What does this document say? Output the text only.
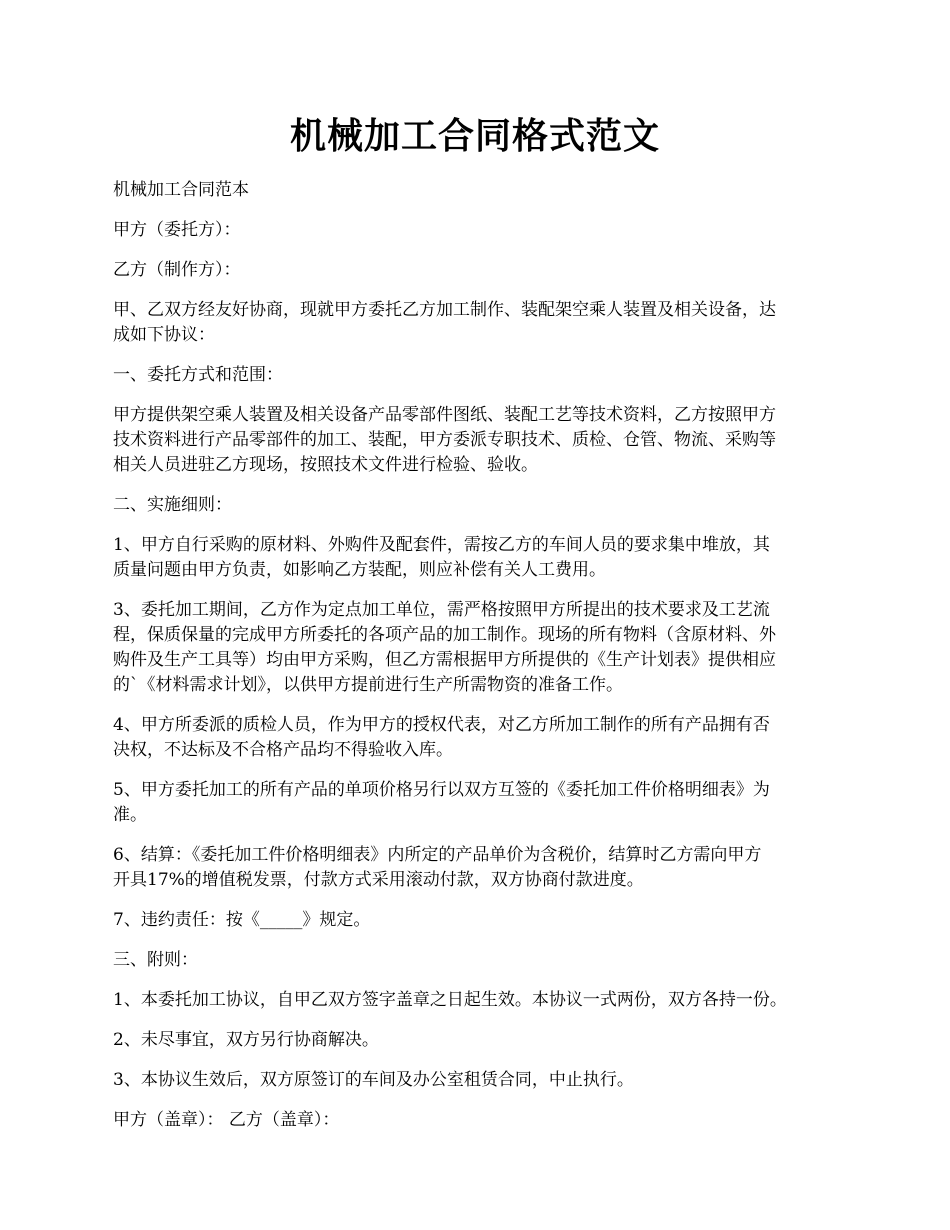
机械加工合同格式范文
机械加工合同范本
甲方（委托方）：
乙方（制作方）：
甲、乙双方经友好协商，现就甲方委托乙方加工制作、装配架空乘人装置及相关设备，达
成如下协议：
一、委托方式和范围：
甲方提供架空乘人装置及相关设备产品零部件图纸、装配工艺等技术资料，乙方按照甲方
技术资料进行产品零部件的加工、装配，甲方委派专职技术、质检、仓管、物流、采购等
相关人员进驻乙方现场，按照技术文件进行检验、验收。
二、实施细则：
1、甲方自行采购的原材料、外购件及配套件，需按乙方的车间人员的要求集中堆放，其
质量问题由甲方负责，如影响乙方装配，则应补偿有关人工费用。
3、委托加工期间，乙方作为定点加工单位，需严格按照甲方所提出的技术要求及工艺流
程，保质保量的完成甲方所委托的各项产品的加工制作。现场的所有物料（含原材料、外
购件及生产工具等）均由甲方采购，但乙方需根据甲方所提供的《生产计划表》提供相应
的`《材料需求计划》，以供甲方提前进行生产所需物资的准备工作。
4、甲方所委派的质检人员，作为甲方的授权代表，对乙方所加工制作的所有产品拥有否
决权，不达标及不合格产品均不得验收入库。
5、甲方委托加工的所有产品的单项价格另行以双方互签的《委托加工件价格明细表》为
准。
6、结算：《委托加工件价格明细表》内所定的产品单价为含税价，结算时乙方需向甲方
开具17%的增值税发票，付款方式采用滚动付款，双方协商付款进度。
7、违约责任：按《_____》规定。
三、附则：
1、本委托加工协议，自甲乙双方签字盖章之日起生效。本协议一式两份，双方各持一份。
2、未尽事宜，双方另行协商解决。
3、本协议生效后，双方原签订的车间及办公室租赁合同，中止执行。
甲方（盖章）： 乙方（盖章）：
